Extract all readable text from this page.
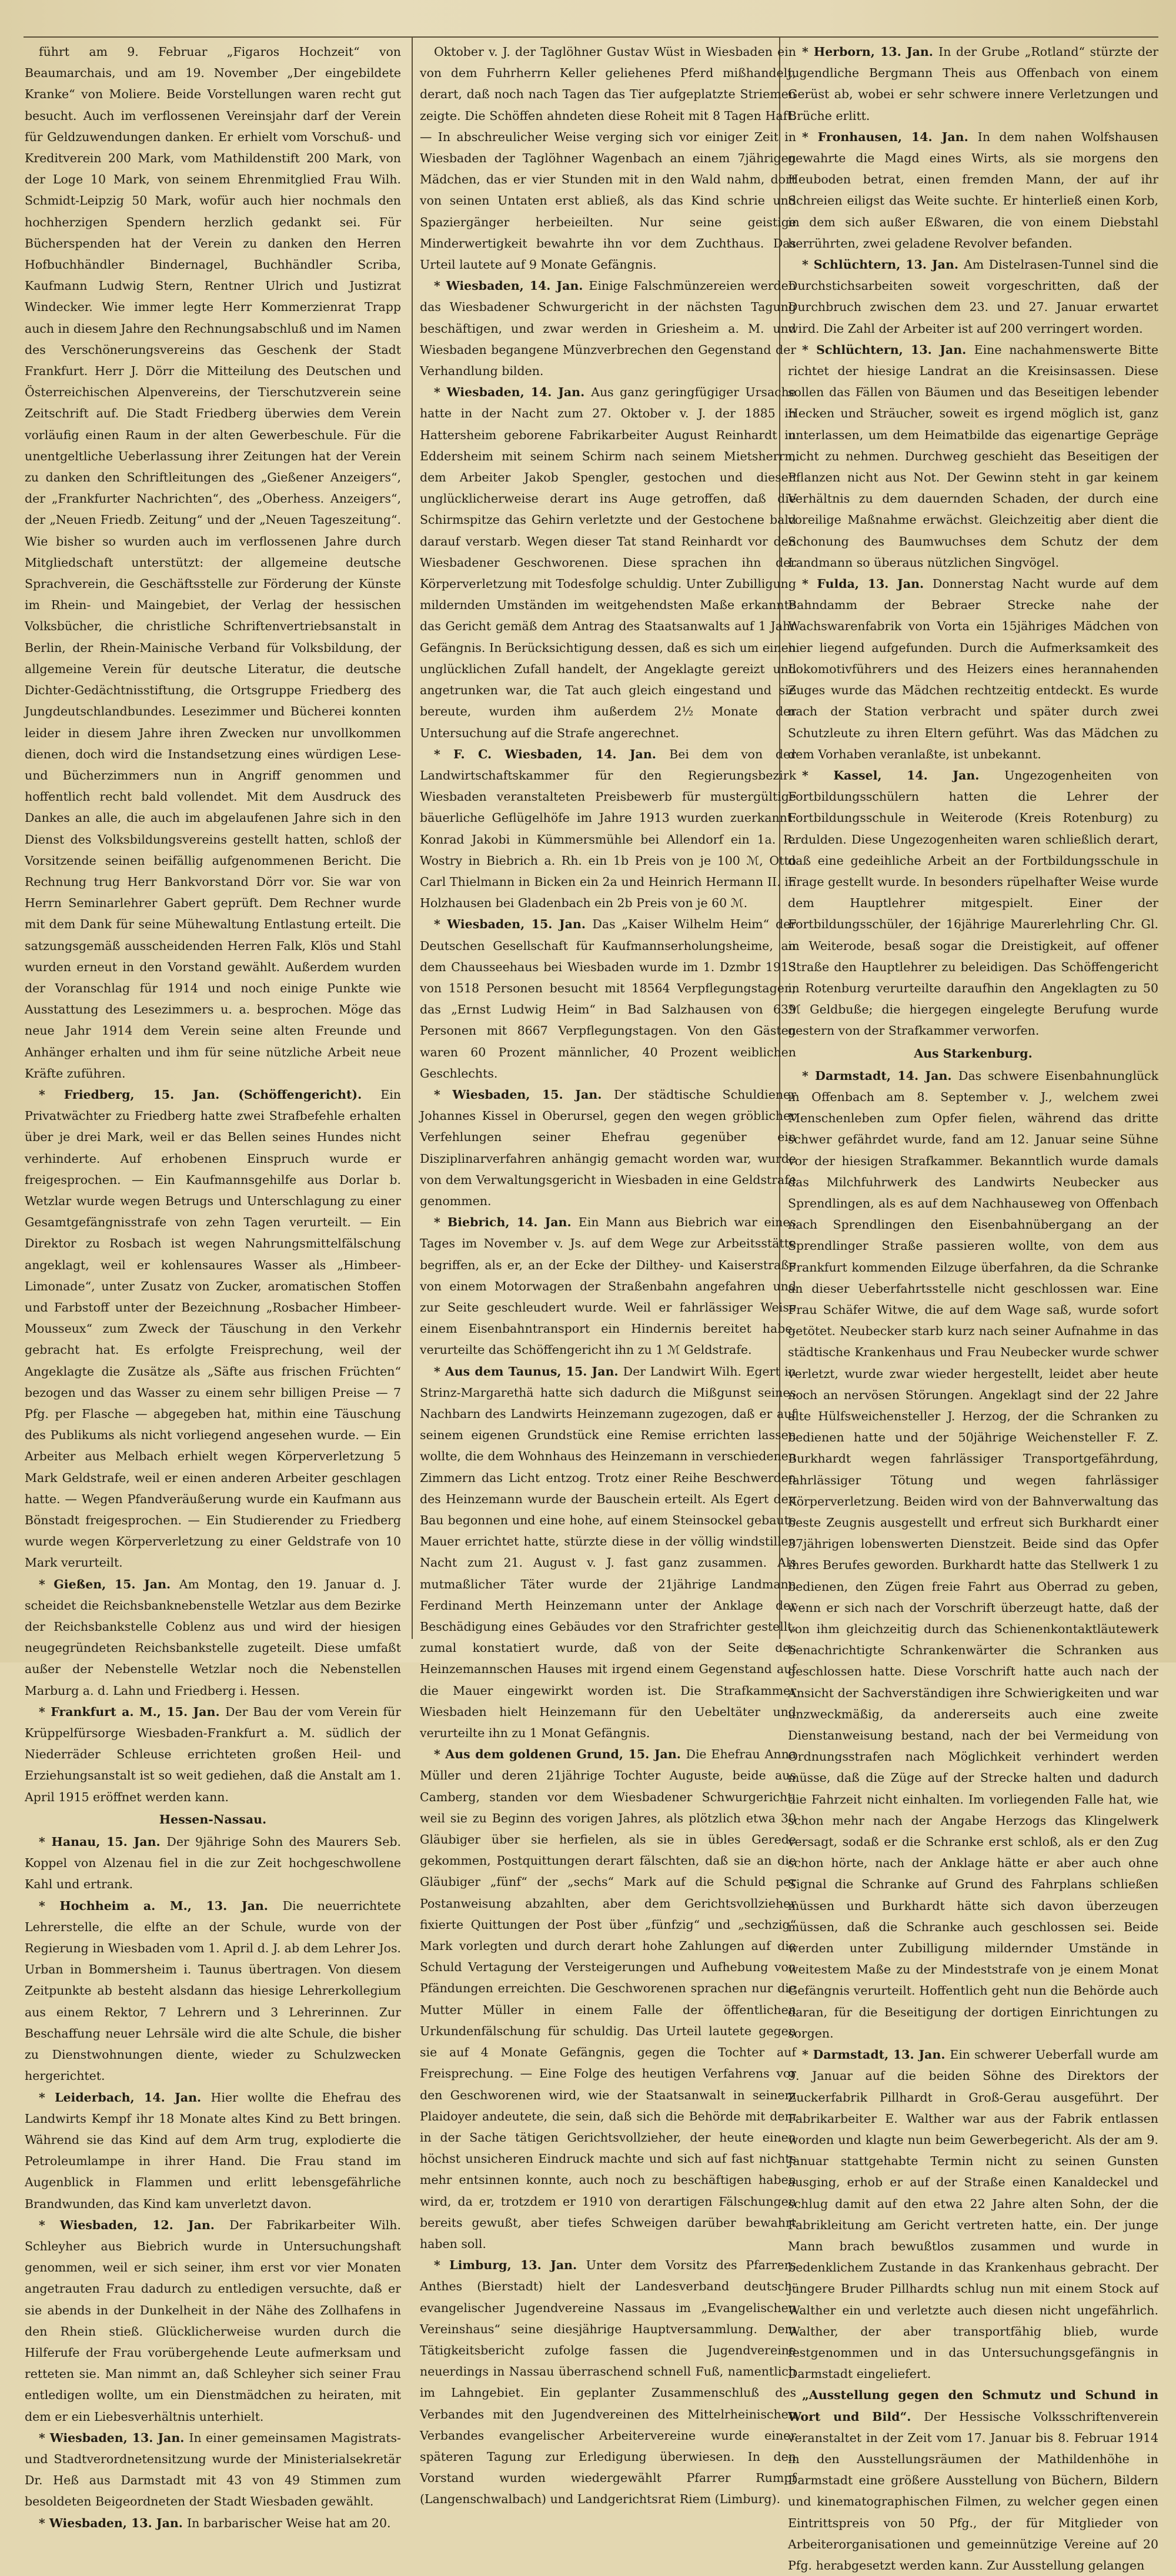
führt am 9. Februar „Figaros Hochzeit“ von Beaumarchais, und am 19. November „Der eingebildete Kranke“ von Moliere. Beide Vorstellungen waren recht gut besucht. Auch im verflossenen Vereinsjahr darf der Verein für Geldzuwendungen danken. Er erhielt vom Vorschuß- und Kreditverein 200 Mark, vom Mathildenstift 200 Mark, von der Loge 10 Mark, von seinem Ehrenmitglied Frau Wilh. Schmidt-Leipzig 50 Mark, wofür auch hier nochmals den hochherzigen Spendern herzlich gedankt sei. Für Bücherspenden hat der Verein zu danken den Herren Hofbuchhändler Bindernagel, Buchhändler Scriba, Kaufmann Ludwig Stern, Rentner Ulrich und Justizrat Windecker. Wie immer legte Herr Kommerzienrat Trapp auch in diesem Jahre den Rechnungsabschluß und im Namen des Verschönerungsvereins das Geschenk der Stadt Frankfurt. Herr J. Dörr die Mitteilung des Deutschen und Österreichischen Alpenvereins, der Tierschutzverein seine Zeitschrift auf. Die Stadt Friedberg überwies dem Verein vorläufig einen Raum in der alten Gewerbeschule. Für die unentgeltliche Ueberlassung ihrer Zeitungen hat der Verein zu danken den Schriftleitungen des „Gießener Anzeigers“, der „Frankfurter Nachrichten“, des „Oberhess. Anzeigers“, der „Neuen Friedb. Zeitung“ und der „Neuen Tageszeitung“. Wie bisher so wurden auch im verflossenen Jahre durch Mitgliedschaft unterstützt: der allgemeine deutsche Sprachverein, die Geschäftsstelle zur Förderung der Künste im Rhein- und Maingebiet, der Verlag der hessischen Volksbücher, die christliche Schriftenvertriebsanstalt in Berlin, der Rhein-Mainische Verband für Volksbildung, der allgemeine Verein für deutsche Literatur, die deutsche Dichter-Gedächtnisstiftung, die Ortsgruppe Friedberg des Jungdeutschlandbundes. Lesezimmer und Bücherei konnten leider in diesem Jahre ihren Zwecken nur unvollkommen dienen, doch wird die Instandsetzung eines würdigen Lese- und Bücherzimmers nun in Angriff genommen und hoffentlich recht bald vollendet. Mit dem Ausdruck des Dankes an alle, die auch im abgelaufenen Jahre sich in den Dienst des Volksbildungsvereins gestellt hatten, schloß der Vorsitzende seinen beifällig aufgenommenen Bericht. Die Rechnung trug Herr Bankvorstand Dörr vor. Sie war von Herrn Seminarlehrer Gabert geprüft. Dem Rechner wurde mit dem Dank für seine Mühewaltung Entlastung erteilt. Die satzungsgemäß ausscheidenden Herren Falk, Klös und Stahl wurden erneut in den Vorstand gewählt. Außerdem wurden der Voranschlag für 1914 und noch einige Punkte wie Ausstattung des Lesezimmers u. a. besprochen. Möge das neue Jahr 1914 dem Verein seine alten Freunde und Anhänger erhalten und ihm für seine nützliche Arbeit neue Kräfte zuführen.

* Friedberg, 15. Jan. (Schöffengericht). Ein Privatwächter zu Friedberg hatte zwei Strafbefehle erhalten über je drei Mark, weil er das Bellen seines Hundes nicht verhinderte. Auf erhobenen Einspruch wurde er freigesprochen. — Ein Kaufmannsgehilfe aus Dorlar b. Wetzlar wurde wegen Betrugs und Unterschlagung zu einer Gesamtgefängnisstrafe von zehn Tagen verurteilt. — Ein Direktor zu Rosbach ist wegen Nahrungsmittelfälschung angeklagt, weil er kohlensaures Wasser als „Himbeer-Limonade“, unter Zusatz von Zucker, aromatischen Stoffen und Farbstoff unter der Bezeichnung „Rosbacher Himbeer-Mousseux“ zum Zweck der Täuschung in den Verkehr gebracht hat. Es erfolgte Freisprechung, weil der Angeklagte die Zusätze als „Säfte aus frischen Früchten“ bezogen und das Wasser zu einem sehr billigen Preise — 7 Pfg. per Flasche — abgegeben hat, mithin eine Täuschung des Publikums als nicht vorliegend angesehen wurde. — Ein Arbeiter aus Melbach erhielt wegen Körperverletzung 5 Mark Geldstrafe, weil er einen anderen Arbeiter geschlagen hatte. — Wegen Pfandveräußerung wurde ein Kaufmann aus Bönstadt freigesprochen. — Ein Studierender zu Friedberg wurde wegen Körperverletzung zu einer Geldstrafe von 10 Mark verurteilt.

* Gießen, 15. Jan. Am Montag, den 19. Januar d. J. scheidet die Reichsbanknebenstelle Wetzlar aus dem Bezirke der Reichsbankstelle Coblenz aus und wird der hiesigen neugegründeten Reichsbankstelle zugeteilt. Diese umfaßt außer der Nebenstelle Wetzlar noch die Nebenstellen Marburg a. d. Lahn und Friedberg i. Hessen.

* Frankfurt a. M., 15. Jan. Der Bau der vom Verein für Krüppelfürsorge Wiesbaden-Frankfurt a. M. südlich der Niederräder Schleuse errichteten großen Heil- und Erziehungsanstalt ist so weit gediehen, daß die Anstalt am 1. April 1915 eröffnet werden kann.

Hessen-Nassau.

* Hanau, 15. Jan. Der 9jährige Sohn des Maurers Seb. Koppel von Alzenau fiel in die zur Zeit hochgeschwollene Kahl und ertrank.

* Hochheim a. M., 13. Jan. Die neuerrichtete Lehrerstelle, die elfte an der Schule, wurde von der Regierung in Wiesbaden vom 1. April d. J. ab dem Lehrer Jos. Urban in Bommersheim i. Taunus übertragen. Von diesem Zeitpunkte ab besteht alsdann das hiesige Lehrerkollegium aus einem Rektor, 7 Lehrern und 3 Lehrerinnen. Zur Beschaffung neuer Lehrsäle wird die alte Schule, die bisher zu Dienstwohnungen diente, wieder zu Schulzwecken hergerichtet.

* Leiderbach, 14. Jan. Hier wollte die Ehefrau des Landwirts Kempf ihr 18 Monate altes Kind zu Bett bringen. Während sie das Kind auf dem Arm trug, explodierte die Petroleumlampe in ihrer Hand. Die Frau stand im Augenblick in Flammen und erlitt lebensgefährliche Brandwunden, das Kind kam unverletzt davon.

* Wiesbaden, 12. Jan. Der Fabrikarbeiter Wilh. Schleyher aus Biebrich wurde in Untersuchungshaft genommen, weil er sich seiner, ihm erst vor vier Monaten angetrauten Frau dadurch zu entledigen versuchte, daß er sie abends in der Dunkelheit in der Nähe des Zollhafens in den Rhein stieß. Glücklicherweise wurden durch die Hilferufe der Frau vorübergehende Leute aufmerksam und retteten sie. Man nimmt an, daß Schleyher sich seiner Frau entledigen wollte, um ein Dienstmädchen zu heiraten, mit dem er ein Liebesverhältnis unterhielt.

* Wiesbaden, 13. Jan. In einer gemeinsamen Magistrats- und Stadtverordnetensitzung wurde der Ministerialsekretär Dr. Heß aus Darmstadt mit 43 von 49 Stimmen zum besoldeten Beigeordneten der Stadt Wiesbaden gewählt.

* Wiesbaden, 13. Jan. In barbarischer Weise hat am 20.

Oktober v. J. der Taglöhner Gustav Wüst in Wiesbaden ein von dem Fuhrherrn Keller geliehenes Pferd mißhandelt, derart, daß noch nach Tagen das Tier aufgeplatzte Striemen zeigte. Die Schöffen ahndeten diese Roheit mit 8 Tagen Haft. — In abschreulicher Weise verging sich vor einiger Zeit in Wiesbaden der Taglöhner Wagenbach an einem 7jährigen Mädchen, das er vier Stunden mit in den Wald nahm, dort von seinen Untaten erst abließ, als das Kind schrie und Spaziergänger herbeieilten. Nur seine geistige Minderwertigkeit bewahrte ihn vor dem Zuchthaus. Das Urteil lautete auf 9 Monate Gefängnis.

* Wiesbaden, 14. Jan. Einige Falschmünzereien werden das Wiesbadener Schwurgericht in der nächsten Tagung beschäftigen, und zwar werden in Griesheim a. M. und Wiesbaden begangene Münzverbrechen den Gegenstand der Verhandlung bilden.

* Wiesbaden, 14. Jan. Aus ganz geringfügiger Ursache hatte in der Nacht zum 27. Oktober v. J. der 1885 in Hattersheim geborene Fabrikarbeiter August Reinhardt in Eddersheim mit seinem Schirm nach seinem Mietsherrn, dem Arbeiter Jakob Spengler, gestochen und diesen unglücklicherweise derart ins Auge getroffen, daß die Schirmspitze das Gehirn verletzte und der Gestochene bald darauf verstarb. Wegen dieser Tat stand Reinhardt vor den Wiesbadener Geschworenen. Diese sprachen ihn der Körperverletzung mit Todesfolge schuldig. Unter Zubilligung mildernden Umständen im weitgehendsten Maße erkannte das Gericht gemäß dem Antrag des Staatsanwalts auf 1 Jahr Gefängnis. In Berücksichtigung dessen, daß es sich um einen unglücklichen Zufall handelt, der Angeklagte gereizt und angetrunken war, die Tat auch gleich eingestand und sie bereute, wurden ihm außerdem 2½ Monate der Untersuchung auf die Strafe angerechnet.

* F. C. Wiesbaden, 14. Jan. Bei dem von der Landwirtschaftskammer für den Regierungsbezirk Wiesbaden veranstalteten Preisbewerb für mustergültige bäuerliche Geflügelhöfe im Jahre 1913 wurden zuerkannt: Konrad Jakobi in Kümmersmühle bei Allendorf ein 1a. R. Wostry in Biebrich a. Rh. ein 1b Preis von je 100 ℳ, Otto Carl Thielmann in Bicken ein 2a und Heinrich Hermann II. in Holzhausen bei Gladenbach ein 2b Preis von je 60 ℳ.

* Wiesbaden, 15. Jan. Das „Kaiser Wilhelm Heim“ der Deutschen Gesellschaft für Kaufmannserholungsheime, an dem Chausseehaus bei Wiesbaden wurde im 1. Dzmbr 1913 von 1518 Personen besucht mit 18564 Verpflegungstagen; das „Ernst Ludwig Heim“ in Bad Salzhausen von 639 Personen mit 8667 Verpflegungstagen. Von den Gästen waren 60 Prozent männlicher, 40 Prozent weiblichen Geschlechts.

* Wiesbaden, 15. Jan. Der städtische Schuldiener Johannes Kissel in Oberursel, gegen den wegen gröblicher Verfehlungen seiner Ehefrau gegenüber ein Disziplinarverfahren anhängig gemacht worden war, wurde von dem Verwaltungsgericht in Wiesbaden in eine Geldstrafe genommen.

* Biebrich, 14. Jan. Ein Mann aus Biebrich war eines Tages im November v. Js. auf dem Wege zur Arbeitsstätte begriffen, als er, an der Ecke der Dilthey- und Kaiserstraße von einem Motorwagen der Straßenbahn angefahren und zur Seite geschleudert wurde. Weil er fahrlässiger Weise einem Eisenbahntransport ein Hindernis bereitet habe, verurteilte das Schöffengericht ihn zu 1 ℳ Geldstrafe.

* Aus dem Taunus, 15. Jan. Der Landwirt Wilh. Egert in Strinz-Margarethä hatte sich dadurch die Mißgunst seines Nachbarn des Landwirts Heinzemann zugezogen, daß er auf seinem eigenen Grundstück eine Remise errichten lassen wollte, die dem Wohnhaus des Heinzemann in verschiedenen Zimmern das Licht entzog. Trotz einer Reihe Beschwerden des Heinzemann wurde der Bauschein erteilt. Als Egert den Bau begonnen und eine hohe, auf einem Steinsockel gebaute Mauer errichtet hatte, stürzte diese in der völlig windstillen Nacht zum 21. August v. J. fast ganz zusammen. Als mutmaßlicher Täter wurde der 21jährige Landmann Ferdinand Merth Heinzemann unter der Anklage der Beschädigung eines Gebäudes vor den Strafrichter gestellt, zumal konstatiert wurde, daß von der Seite des Heinzemannschen Hauses mit irgend einem Gegenstand auf die Mauer eingewirkt worden ist. Die Strafkammer Wiesbaden hielt Heinzemann für den Uebeltäter und verurteilte ihn zu 1 Monat Gefängnis.

* Aus dem goldenen Grund, 15. Jan. Die Ehefrau Anna Müller und deren 21jährige Tochter Auguste, beide aus Camberg, standen vor dem Wiesbadener Schwurgericht, weil sie zu Beginn des vorigen Jahres, als plötzlich etwa 30 Gläubiger über sie herfielen, als sie in übles Gerede gekommen, Postquittungen derart fälschten, daß sie an die Gläubiger „fünf“ der „sechs“ Mark auf die Schuld per Postanweisung abzahlten, aber dem Gerichtsvollzieher fixierte Quittungen der Post über „fünfzig“ und „sechzig“ Mark vorlegten und durch derart hohe Zahlungen auf die Schuld Vertagung der Versteigerungen und Aufhebung von Pfändungen erreichten. Die Geschworenen sprachen nur die Mutter Müller in einem Falle der öffentlichen Urkundenfälschung für schuldig. Das Urteil lautete gegen sie auf 4 Monate Gefängnis, gegen die Tochter auf Freisprechung. — Eine Folge des heutigen Verfahrens vor den Geschworenen wird, wie der Staatsanwalt in seinem Plaidoyer andeutete, die sein, daß sich die Behörde mit dem in der Sache tätigen Gerichtsvollzieher, der heute einen höchst unsicheren Eindruck machte und sich auf fast nichts mehr entsinnen konnte, auch noch zu beschäftigen haben wird, da er, trotzdem er 1910 von derartigen Fälschungen bereits gewußt, aber tiefes Schweigen darüber bewahrt haben soll.

* Limburg, 13. Jan. Unter dem Vorsitz des Pfarrers Anthes (Bierstadt) hielt der Landesverband deutsch-evangelischer Jugendvereine Nassaus im „Evangelischen Vereinshaus“ seine diesjährige Hauptversammlung. Dem Tätigkeitsbericht zufolge fassen die Jugendvereine neuerdings in Nassau überraschend schnell Fuß, namentlich im Lahngebiet. Ein geplanter Zusammenschluß des Verbandes mit den Jugendvereinen des Mittelrheinischen Verbandes evangelischer Arbeitervereine wurde einer späteren Tagung zur Erledigung überwiesen. In den Vorstand wurden wiedergewählt Pfarrer Rumpf (Langenschwalbach) und Landgerichtsrat Riem (Limburg).

* Herborn, 13. Jan. In der Grube „Rotland“ stürzte der jugendliche Bergmann Theis aus Offenbach von einem Gerüst ab, wobei er sehr schwere innere Verletzungen und Brüche erlitt.

* Fronhausen, 14. Jan. In dem nahen Wolfshausen gewahrte die Magd eines Wirts, als sie morgens den Heuboden betrat, einen fremden Mann, der auf ihr Schreien eiligst das Weite suchte. Er hinterließ einen Korb, in dem sich außer Eßwaren, die von einem Diebstahl herrührten, zwei geladene Revolver befanden.

* Schlüchtern, 13. Jan. Am Distelrasen-Tunnel sind die Durchstichsarbeiten soweit vorgeschritten, daß der Durchbruch zwischen dem 23. und 27. Januar erwartet wird. Die Zahl der Arbeiter ist auf 200 verringert worden.

* Schlüchtern, 13. Jan. Eine nachahmenswerte Bitte richtet der hiesige Landrat an die Kreisinsassen. Diese sollen das Fällen von Bäumen und das Beseitigen lebender Hecken und Sträucher, soweit es irgend möglich ist, ganz unterlassen, um dem Heimatbilde das eigenartige Gepräge nicht zu nehmen. Durchweg geschieht das Beseitigen der Pflanzen nicht aus Not. Der Gewinn steht in gar keinem Verhältnis zu dem dauernden Schaden, der durch eine voreilige Maßnahme erwächst. Gleichzeitig aber dient die Schonung des Baumwuchses dem Schutz der dem Landmann so überaus nützlichen Singvögel.

* Fulda, 13. Jan. Donnerstag Nacht wurde auf dem Bahndamm der Bebraer Strecke nahe der Wachswarenfabrik von Vorta ein 15jähriges Mädchen von hier liegend aufgefunden. Durch die Aufmerksamkeit des Lokomotivführers und des Heizers eines herannahenden Zuges wurde das Mädchen rechtzeitig entdeckt. Es wurde nach der Station verbracht und später durch zwei Schutzleute zu ihren Eltern geführt. Was das Mädchen zu dem Vorhaben veranlaßte, ist unbekannt.

* Kassel, 14. Jan. Ungezogenheiten von Fortbildungsschülern hatten die Lehrer der Fortbildungsschule in Weiterode (Kreis Rotenburg) zu erdulden. Diese Ungezogenheiten waren schließlich derart, daß eine gedeihliche Arbeit an der Fortbildungsschule in Frage gestellt wurde. In besonders rüpelhafter Weise wurde dem Hauptlehrer mitgespielt. Einer der Fortbildungsschüler, der 16jährige Maurerlehrling Chr. Gl. in Weiterode, besaß sogar die Dreistigkeit, auf offener Straße den Hauptlehrer zu beleidigen. Das Schöffengericht in Rotenburg verurteilte daraufhin den Angeklagten zu 50 ℳ Geldbuße; die hiergegen eingelegte Berufung wurde gestern von der Strafkammer verworfen.

Aus Starkenburg.

* Darmstadt, 14. Jan. Das schwere Eisenbahnunglück in Offenbach am 8. September v. J., welchem zwei Menschenleben zum Opfer fielen, während das dritte schwer gefährdet wurde, fand am 12. Januar seine Sühne vor der hiesigen Strafkammer. Bekanntlich wurde damals das Milchfuhrwerk des Landwirts Neubecker aus Sprendlingen, als es auf dem Nachhauseweg von Offenbach nach Sprendlingen den Eisenbahnübergang an der Sprendlinger Straße passieren wollte, von dem aus Frankfurt kommenden Eilzuge überfahren, da die Schranke an dieser Ueberfahrtsstelle nicht geschlossen war. Eine Frau Schäfer Witwe, die auf dem Wage saß, wurde sofort getötet. Neubecker starb kurz nach seiner Aufnahme in das städtische Krankenhaus und Frau Neubecker wurde schwer verletzt, wurde zwar wieder hergestellt, leidet aber heute noch an nervösen Störungen. Angeklagt sind der 22 Jahre alte Hülfsweichensteller J. Herzog, der die Schranken zu bedienen hatte und der 50jährige Weichensteller F. Z. Burkhardt wegen fahrlässiger Transportgefährdung, fahrlässiger Tötung und wegen fahrlässiger Körperverletzung. Beiden wird von der Bahnverwaltung das beste Zeugnis ausgestellt und erfreut sich Burkhardt einer 37jährigen lobenswerten Dienstzeit. Beide sind das Opfer ihres Berufes geworden. Burkhardt hatte das Stellwerk 1 zu bedienen, den Zügen freie Fahrt aus Oberrad zu geben, wenn er sich nach der Vorschrift überzeugt hatte, daß der von ihm gleichzeitig durch das Schienenkontaktläutewerk benachrichtigte Schrankenwärter die Schranken aus geschlossen hatte. Diese Vorschrift hatte auch nach der Ansicht der Sachverständigen ihre Schwierigkeiten und war unzweckmäßig, da andererseits auch eine zweite Dienstanweisung bestand, nach der bei Vermeidung von Ordnungsstrafen nach Möglichkeit verhindert werden müsse, daß die Züge auf der Strecke halten und dadurch die Fahrzeit nicht einhalten. Im vorliegenden Falle hat, wie schon mehr nach der Angabe Herzogs das Klingelwerk versagt, sodaß er die Schranke erst schloß, als er den Zug schon hörte, nach der Anklage hätte er aber auch ohne Signal die Schranke auf Grund des Fahrplans schließen müssen und Burkhardt hätte sich davon überzeugen müssen, daß die Schranke auch geschlossen sei. Beide werden unter Zubilligung mildernder Umstände in weitestem Maße zu der Mindeststrafe von je einem Monat Gefängnis verurteilt. Hoffentlich geht nun die Behörde auch daran, für die Beseitigung der dortigen Einrichtungen zu sorgen.

* Darmstadt, 13. Jan. Ein schwerer Ueberfall wurde am 9. Januar auf die beiden Söhne des Direktors der Zuckerfabrik Pillhardt in Groß-Gerau ausgeführt. Der Fabrikarbeiter E. Walther war aus der Fabrik entlassen worden und klagte nun beim Gewerbegericht. Als der am 9. Januar stattgehabte Termin nicht zu seinen Gunsten ausging, erhob er auf der Straße einen Kanaldeckel und schlug damit auf den etwa 22 Jahre alten Sohn, der die Fabrikleitung am Gericht vertreten hatte, ein. Der junge Mann brach bewußtlos zusammen und wurde in bedenklichem Zustande in das Krankenhaus gebracht. Der jüngere Bruder Pillhardts schlug nun mit einem Stock auf Walther ein und verletzte auch diesen nicht ungefährlich. Walther, der aber transportfähig blieb, wurde festgenommen und in das Untersuchungsgefängnis in Darmstadt eingeliefert.

„Ausstellung gegen den Schmutz und Schund in Wort und Bild“. Der Hessische Volksschriftenverein veranstaltet in der Zeit vom 17. Januar bis 8. Februar 1914 in den Ausstellungsräumen der Mathildenhöhe in Darmstadt eine größere Ausstellung von Büchern, Bildern und kinematographischen Filmen, zu welcher gegen einen Eintrittspreis von 50 Pfg., der für Mitglieder von Arbeiterorganisationen und gemeinnützige Vereine auf 20 Pfg. herabgesetzt werden kann. Zur Ausstellung gelangen
